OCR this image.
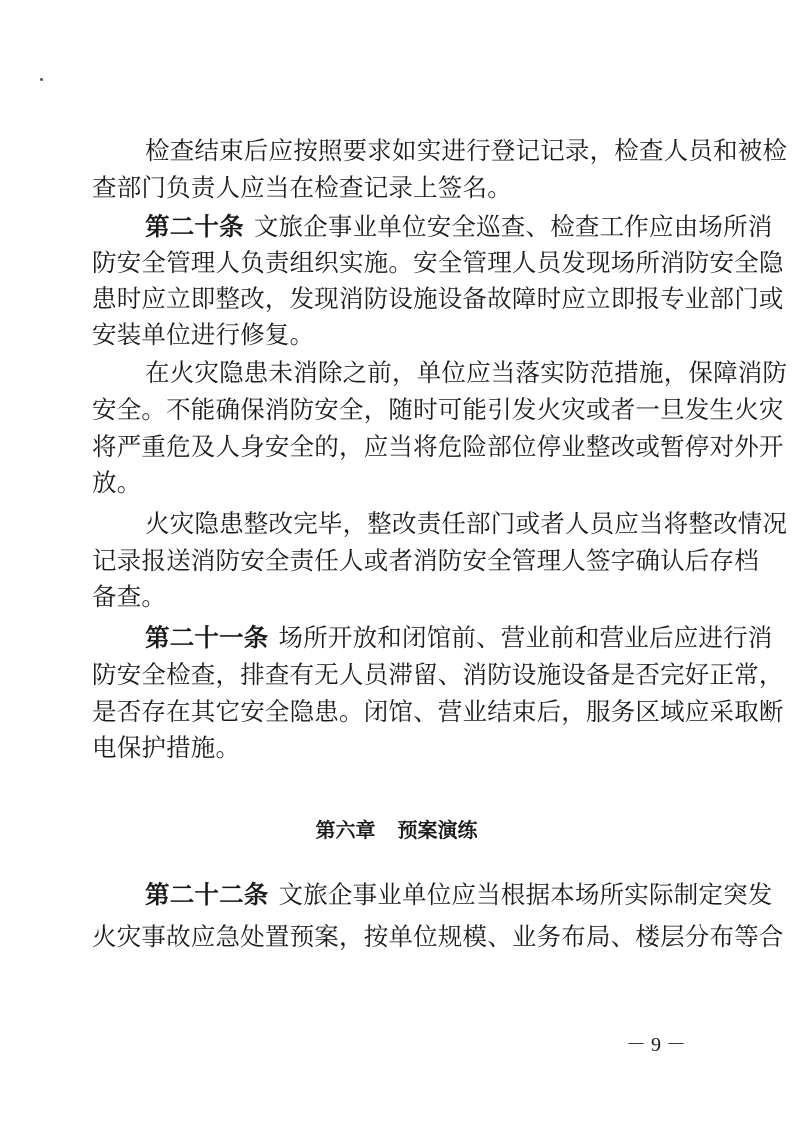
检查结束后应按照要求如实进行登记记录，检查人员和被检
查部门负责人应当在检查记录上签名。
第二十条 文旅企事业单位安全巡查、检查工作应由场所消
防安全管理人负责组织实施。安全管理人员发现场所消防安全隐
患时应立即整改，发现消防设施设备故障时应立即报专业部门或
安装单位进行修复。
在火灾隐患未消除之前，单位应当落实防范措施，保障消防
安全。不能确保消防安全，随时可能引发火灾或者一旦发生火灾
将严重危及人身安全的，应当将危险部位停业整改或暂停对外开
放。
火灾隐患整改完毕，整改责任部门或者人员应当将整改情况
记录报送消防安全责任人或者消防安全管理人签字确认后存档
备查。
第二十一条 场所开放和闭馆前、营业前和营业后应进行消
防安全检查，排查有无人员滞留、消防设施设备是否完好正常，
是否存在其它安全隐患。闭馆、营业结束后，服务区域应采取断
电保护措施。
第六章 预案演练
第二十二条 文旅企事业单位应当根据本场所实际制定突发
火灾事故应急处置预案，按单位规模、业务布局、楼层分布等合
－ 9 －
